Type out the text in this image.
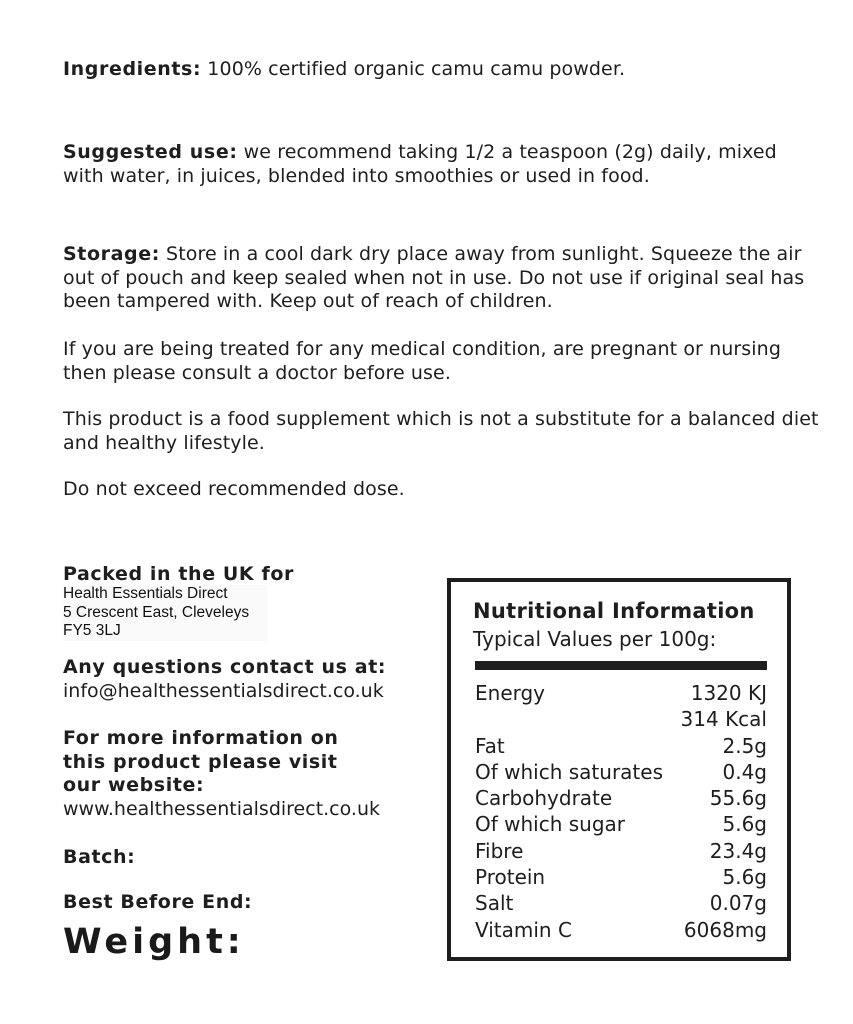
Ingredients: 100% certified organic camu camu powder.
Suggested use: we recommend taking 1/2 a teaspoon (2g) daily, mixed with water, in juices, blended into smoothies or used in food.
Storage: Store in a cool dark dry place away from sunlight. Squeeze the air out of pouch and keep sealed when not in use. Do not use if original seal has been tampered with. Keep out of reach of children.
If you are being treated for any medical condition, are pregnant or nursing then please consult a doctor before use.
This product is a food supplement which is not a substitute for a balanced diet and healthy lifestyle.
Do not exceed recommended dose.
Packed in the UK for
Health Essentials Direct
5 Crescent East, Cleveleys
FY5 3LJ
Any questions contact us at:
info@healthessentialsdirect.co.uk
For more information on this product please visit our website:
www.healthessentialsdirect.co.uk
Batch:
Best Before End:
Weight:
Nutritional Information
Typical Values per 100g:
Energy	1320 KJ
314 Kcal
Fat	2.5g
Of which saturates	0.4g
Carbohydrate	55.6g
Of which sugar	5.6g
Fibre	23.4g
Protein	5.6g
Salt	0.07g
Vitamin C	6068mg
